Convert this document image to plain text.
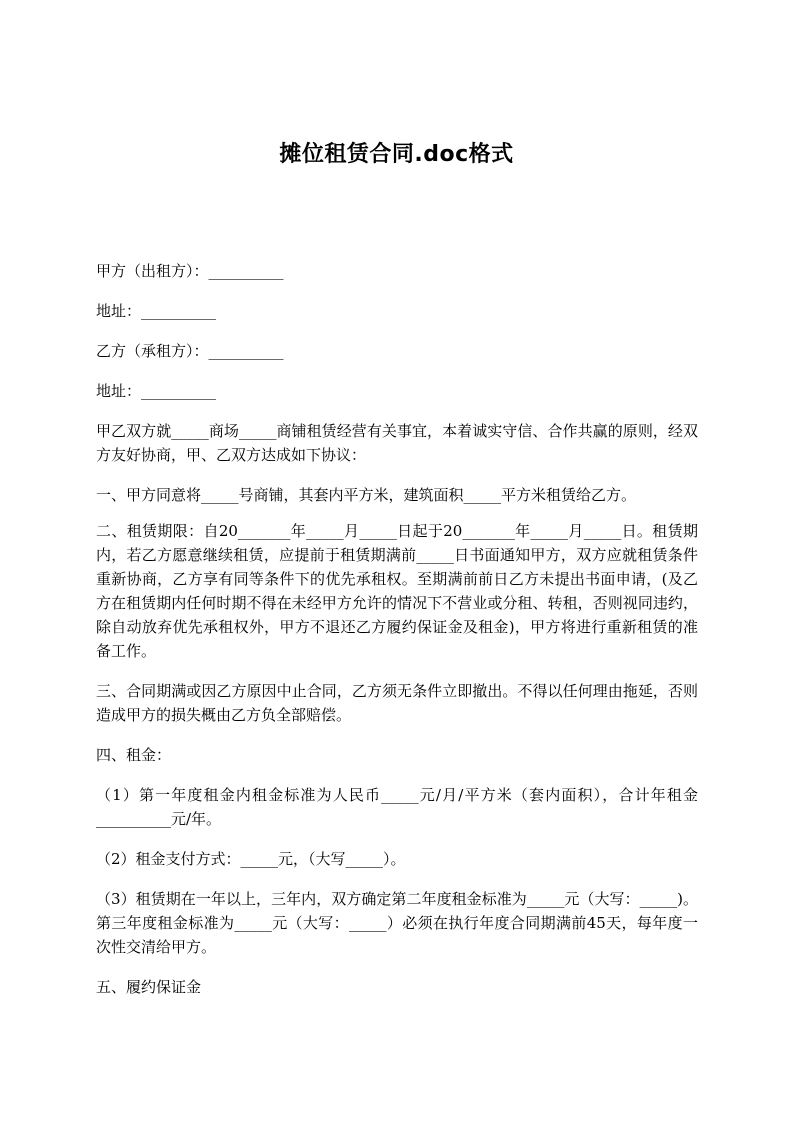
摊位租赁合同.doc格式

甲方（出租方）：__________

地址：__________

乙方（承租方）：__________

地址：__________

甲乙双方就_____商场_____商铺租赁经营有关事宜，本着诚实守信、合作共赢的原则，经双方友好协商，甲、乙双方达成如下协议：

一、甲方同意将_____号商铺，其套内平方米，建筑面积_____平方米租赁给乙方。

二、租赁期限：自20_______年_____月_____日起于20_______年_____月_____日。租赁期内，若乙方愿意继续租赁，应提前于租赁期满前_____日书面通知甲方，双方应就租赁条件重新协商，乙方享有同等条件下的优先承租权。至期满前前日乙方未提出书面申请，(及乙方在租赁期内任何时期不得在未经甲方允许的情况下不营业或分租、转租，否则视同违约，除自动放弃优先承租权外，甲方不退还乙方履约保证金及租金)，甲方将进行重新租赁的准备工作。

三、合同期满或因乙方原因中止合同，乙方须无条件立即撤出。不得以任何理由拖延，否则造成甲方的损失概由乙方负全部赔偿。

四、租金：

（1）第一年度租金内租金标准为人民币_____元/月/平方米（套内面积），合计年租金__________元/年。

（2）租金支付方式：_____元，（大写_____）。

（3）租赁期在一年以上，三年内，双方确定第二年度租金标准为_____元（大写：_____)。第三年度租金标准为_____元（大写：_____）必须在执行年度合同期满前45天，每年度一次性交清给甲方。

五、履约保证金
